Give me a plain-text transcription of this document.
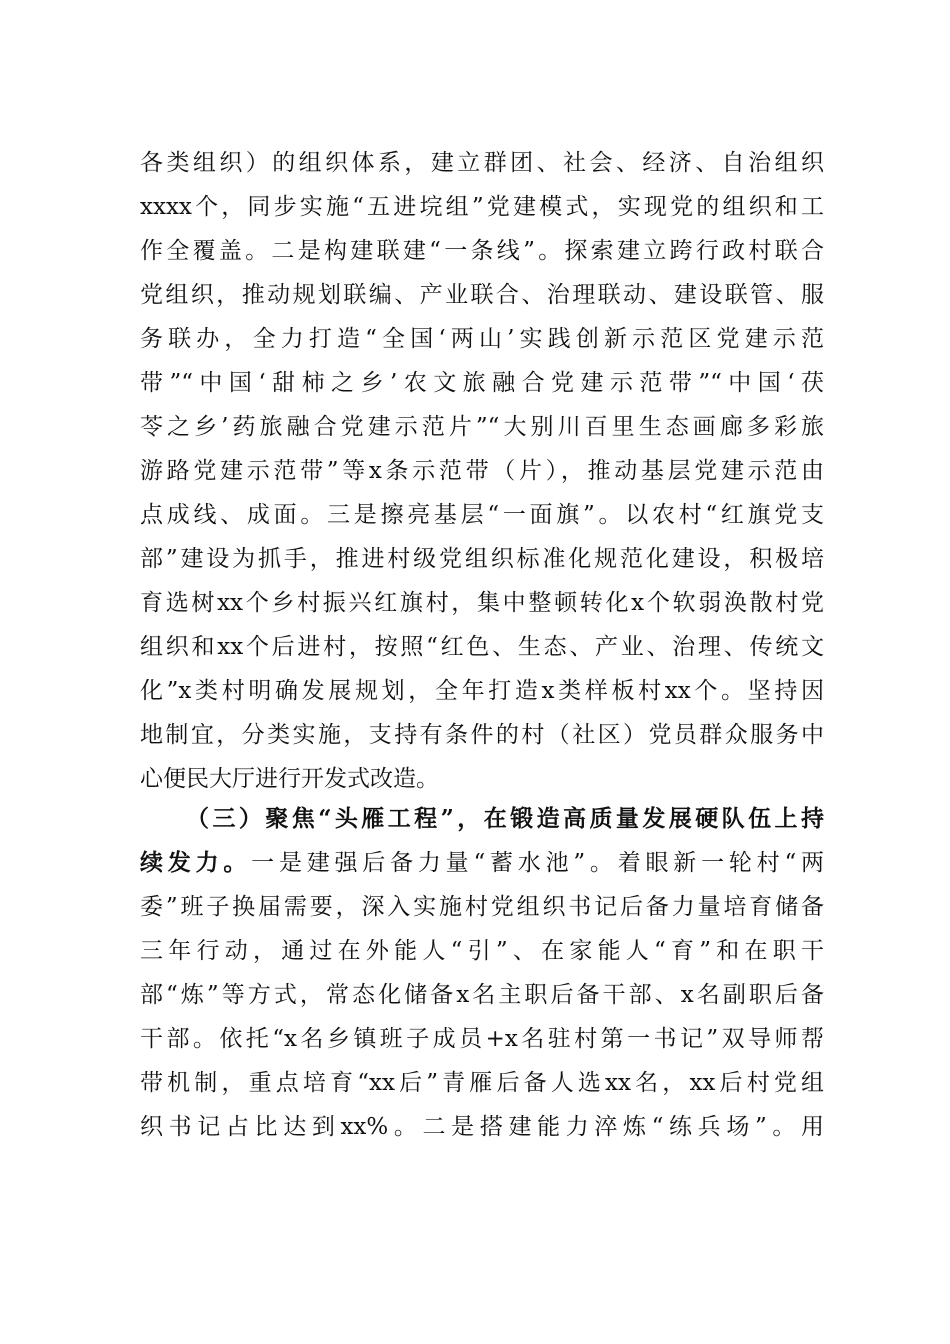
各类组织）的组织体系，建立群团、社会、经济、自治组织
xxxx个，同步实施“五进垸组”党建模式，实现党的组织和工
作全覆盖。二是构建联建“一条线”。探索建立跨行政村联合
党组织，推动规划联编、产业联合、治理联动、建设联管、服
务联办，全力打造“全国‘两山’实践创新示范区党建示范
带”“中国‘甜柿之乡’农文旅融合党建示范带”“中国‘茯
苓之乡’药旅融合党建示范片”“大别川百里生态画廊多彩旅
游路党建示范带”等x条示范带（片），推动基层党建示范由
点成线、成面。三是擦亮基层“一面旗”。以农村“红旗党支
部”建设为抓手，推进村级党组织标准化规范化建设，积极培
育选树xx个乡村振兴红旗村，集中整顿转化x个软弱涣散村党
组织和xx个后进村，按照“红色、生态、产业、治理、传统文
化”x类村明确发展规划，全年打造x类样板村xx个。坚持因
地制宜，分类实施，支持有条件的村（社区）党员群众服务中
心便民大厅进行开发式改造。
（三）聚焦“头雁工程”，在锻造高质量发展硬队伍上持
续发力。一是建强后备力量“蓄水池”。着眼新一轮村“两
委”班子换届需要，深入实施村党组织书记后备力量培育储备
三年行动，通过在外能人“引”、在家能人“育”和在职干
部“炼”等方式，常态化储备x名主职后备干部、x名副职后备
干部。依托“x名乡镇班子成员+x名驻村第一书记”双导师帮
带机制，重点培育“xx后”青雁后备人选xx名，xx后村党组
织书记占比达到xx%。二是搭建能力淬炼“练兵场”。用
